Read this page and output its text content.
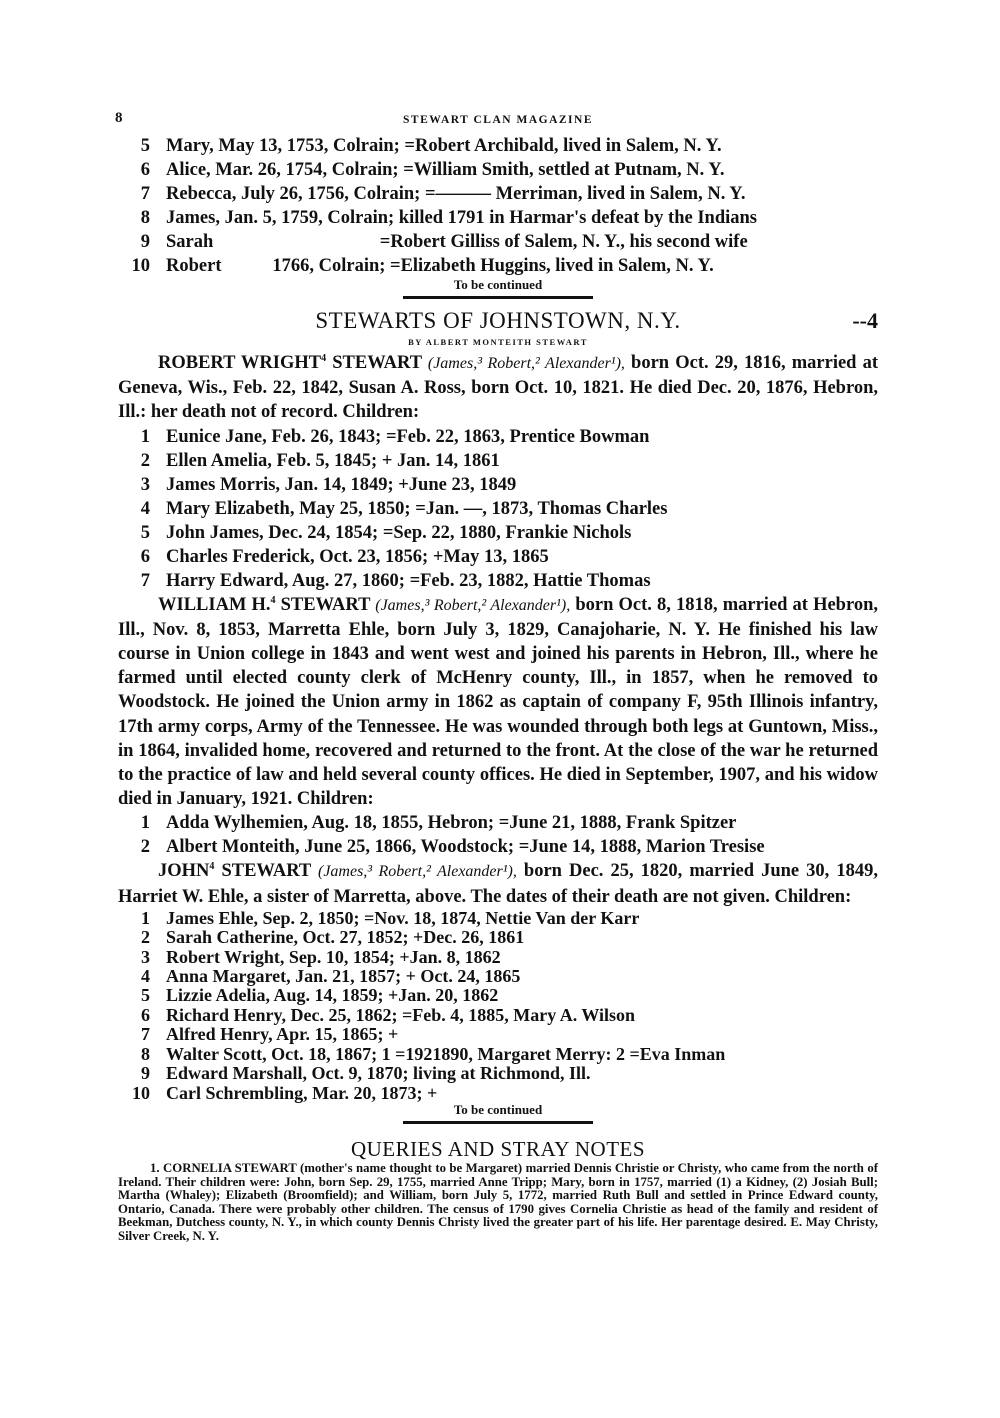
8	STEWART CLAN MAGAZINE
5 Mary, May 13, 1753, Colrain; =Robert Archibald, lived in Salem, N. Y.
6 Alice, Mar. 26, 1754, Colrain; =William Smith, settled at Putnam, N. Y.
7 Rebecca, July 26, 1756, Colrain; =——— Merriman, lived in Salem, N. Y.
8 James, Jan. 5, 1759, Colrain; killed 1791 in Harmar's defeat by the Indians
9 Sarah                                    =Robert Gilliss of Salem, N. Y., his second wife
10 Robert           1766, Colrain; =Elizabeth Huggins, lived in Salem, N. Y.
To be continued
STEWARTS OF JOHNSTOWN, N.Y.	--4
BY ALBERT MONTEITH STEWART

ROBERT WRIGHT$^4$ STEWART (James,³ Robert,² Alexander¹), born Oct. 29, 1816, married at Geneva, Wis., Feb. 22, 1842, Susan A. Ross, born Oct. 10, 1821. He died Dec. 20, 1876, Hebron, Ill.: her death not of record. Children:

1 Eunice Jane, Feb. 26, 1843; =Feb. 22, 1863, Prentice Bowman
2 Ellen Amelia, Feb. 5, 1845; + Jan. 14, 1861
3 James Morris, Jan. 14, 1849; +June 23, 1849
4 Mary Elizabeth, May 25, 1850; =Jan. —, 1873, Thomas Charles
5 John James, Dec. 24, 1854; =Sep. 22, 1880, Frankie Nichols
6 Charles Frederick, Oct. 23, 1856; +May 13, 1865
7 Harry Edward, Aug. 27, 1860; =Feb. 23, 1882, Hattie Thomas

WILLIAM H.$^4$ STEWART (James,³ Robert,² Alexander¹), born Oct. 8, 1818, married at Hebron, Ill., Nov. 8, 1853, Marretta Ehle, born July 3, 1829, Canajoharie, N. Y. He finished his law course in Union college in 1843 and went west and joined his parents in Hebron, Ill., where he farmed until elected county clerk of McHenry county, Ill., in 1857, when he removed to Woodstock. He joined the Union army in 1862 as captain of company F, 95th Illinois infantry, 17th army corps, Army of the Tennessee. He was wounded through both legs at Guntown, Miss., in 1864, invalided home, recovered and returned to the front. At the close of the war he returned to the practice of law and held several county offices. He died in September, 1907, and his widow died in January, 1921. Children:

1 Adda Wylhemien, Aug. 18, 1855, Hebron; =June 21, 1888, Frank Spitzer
2 Albert Monteith, June 25, 1866, Woodstock; =June 14, 1888, Marion Tresise

JOHN$^4$ STEWART (James,³ Robert,² Alexander¹), born Dec. 25, 1820, married June 30, 1849, Harriet W. Ehle, a sister of Marretta, above. The dates of their death are not given. Children:

1 James Ehle, Sep. 2, 1850; =Nov. 18, 1874, Nettie Van der Karr
2 Sarah Catherine, Oct. 27, 1852; +Dec. 26, 1861
3 Robert Wright, Sep. 10, 1854; +Jan. 8, 1862
4 Anna Margaret, Jan. 21, 1857; + Oct. 24, 1865
5 Lizzie Adelia, Aug. 14, 1859; +Jan. 20, 1862
6 Richard Henry, Dec. 25, 1862; =Feb. 4, 1885, Mary A. Wilson
7 Alfred Henry, Apr. 15, 1865; +
8 Walter Scott, Oct. 18, 1867; 1 =1921890, Margaret Merry: 2 =Eva Inman
9 Edward Marshall, Oct. 9, 1870; living at Richmond, Ill.
10 Carl Schrembling, Mar. 20, 1873; +
To be continued
QUERIES AND STRAY NOTES

1. CORNELIA STEWART (mother's name thought to be Margaret) married Dennis Christie or Christy, who came from the north of Ireland. Their children were: John, born Sep. 29, 1755, married Anne Tripp; Mary, born in 1757, married (1) a Kidney, (2) Josiah Bull; Martha (Whaley); Elizabeth (Broomfield); and William, born July 5, 1772, married Ruth Bull and settled in Prince Edward county, Ontario, Canada. There were probably other children. The census of 1790 gives Cornelia Christie as head of the family and resident of Beekman, Dutchess county, N. Y., in which county Dennis Christy lived the greater part of his life. Her parentage desired. E. May Christy, Silver Creek, N. Y.
